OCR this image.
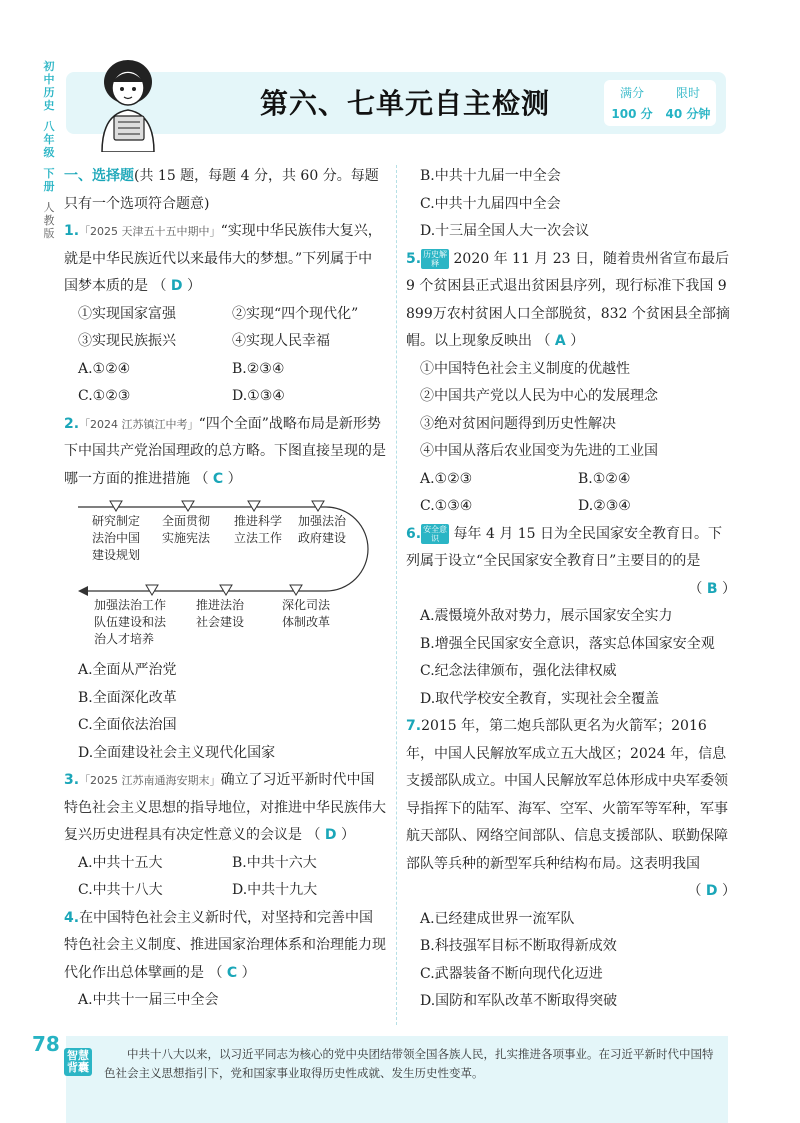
初
中
历
史
八
年
级
下
册
人
教
版
第六、七单元自主检测	满分	限时
100 分	40 分钟

一、选择题(共 15 题，每题 4 分，共 60 分。每题只有一个选项符合题意)

1.「2025 天津五十五中期中」“实现中华民族伟大复兴，就是中华民族近代以来最伟大的梦想。”下列属于中国梦本质的是 （ D ）

①实现国家富强	②实现“四个现代化”
③实现民族振兴	④实现人民幸福
A.①②④	B.②③④
C.①②③	D.①③④

2.「2024 江苏镇江中考」“四个全面”战略布局是新形势下中国共产党治国理政的总方略。下图直接呈现的是哪一方面的推进措施 （ C ）

研究制定
法治中国
建设规划
全面贯彻
实施宪法
推进科学
立法工作
加强法治
政府建设
加强法治工作
队伍建设和法
治人才培养
推进法治
社会建设
深化司法
体制改革

A.全面从严治党

B.全面深化改革

C.全面依法治国

D.全面建设社会主义现代化国家

3.「2025 江苏南通海安期末」确立了习近平新时代中国特色社会主义思想的指导地位，对推进中华民族伟大复兴历史进程具有决定性意义的会议是 （ D ）

A.中共十五大	B.中共十六大
C.中共十八大	D.中共十九大

4.在中国特色社会主义新时代，对坚持和完善中国特色社会主义制度、推进国家治理体系和治理能力现代化作出总体擘画的是 （ C ）

A.中共十一届三中全会

B.中共十九届一中全会

C.中共十九届四中全会

D.十三届全国人大一次会议

5. 历史解释 2020 年 11 月 23 日，随着贵州省宣布最后 9 个贫困县正式退出贫困县序列，现行标准下我国 9 899万农村贫困人口全部脱贫，832 个贫困县全部摘帽。以上现象反映出 （ A ）

①中国特色社会主义制度的优越性

②中国共产党以人民为中心的发展理念

③绝对贫困问题得到历史性解决

④中国从落后农业国变为先进的工业国

A.①②③	B.①②④
C.①③④	D.②③④

6. 安全意识 每年 4 月 15 日为全民国家安全教育日。下列属于设立“全民国家安全教育日”主要目的的是

（ B ）

A.震慑境外敌对势力，展示国家安全实力

B.增强全民国家安全意识，落实总体国家安全观

C.纪念法律颁布，强化法律权威

D.取代学校安全教育，实现社会全覆盖

7.2015 年，第二炮兵部队更名为火箭军；2016 年，中国人民解放军成立五大战区；2024 年，信息支援部队成立。中国人民解放军总体形成中央军委领导指挥下的陆军、海军、空军、火箭军等军种，军事航天部队、网络空间部队、信息支援部队、联勤保障部队等兵种的新型军兵种结构布局。这表明我国

（ D ）

A.已经建成世界一流军队

B.科技强军目标不断取得新成效

C.武器装备不断向现代化迈进

D.国防和军队改革不断取得突破

78 智慧背囊
中共十八大以来，以习近平同志为核心的党中央团结带领全国各族人民，扎实推进各项事业。在习近平新时代中国特色社会主义思想指引下，党和国家事业取得历史性成就、发生历史性变革。
